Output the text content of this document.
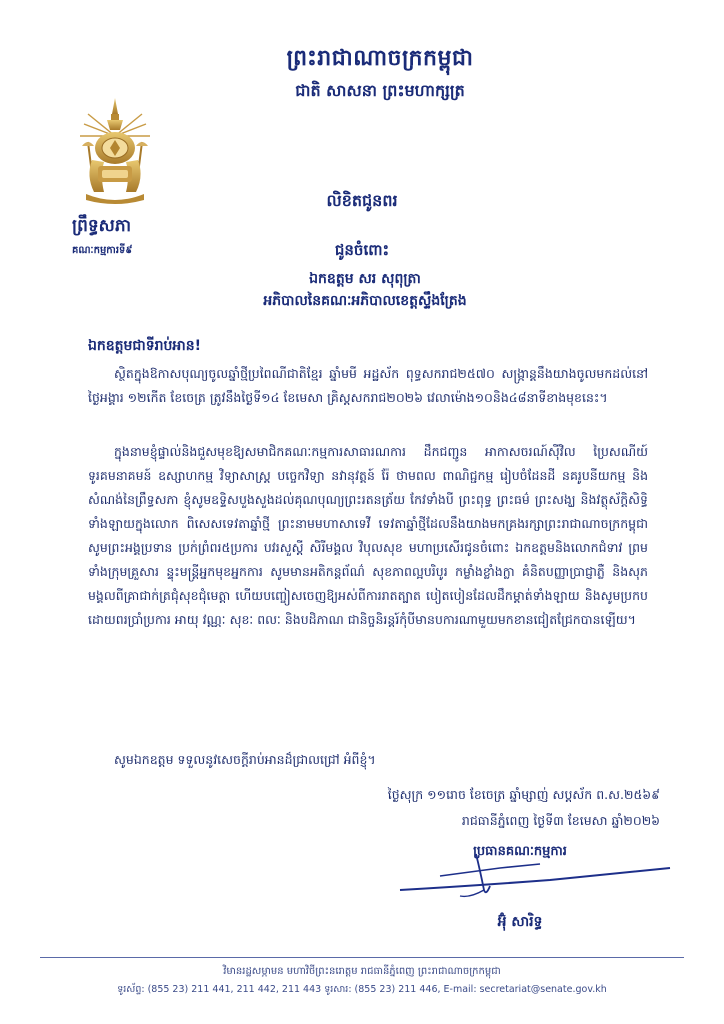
ព្រះរាជាណាចក្រកម្ពុជា
ជាតិ សាសនា ព្រះមហាក្សត្រ
ព្រឹទ្ធសភា
គណៈកម្មការទី៩
លិខិតជូនពរ
ជូនចំពោះ
ឯកឧត្តម សរ សុពុត្រា
អភិបាលនៃគណៈអភិបាលខេត្តស្ទឹងត្រែង
ឯកឧត្តមជាទីរាប់អាន!
ស្ថិតក្នុងឱកាសបុណ្យចូលឆ្នាំថ្មីប្រពៃណីជាតិខ្មែរ ឆ្នាំមមី អដ្ឋស័ក ពុទ្ធសករាជ២៥៧០ សង្ក្រាន្តនឹងយាងចូលមកដល់នៅថ្ងៃអង្គារ ១២កើត ខែចេត្រ ត្រូវនឹងថ្ងៃទី១៤ ខែមេសា គ្រិស្តសករាជ២០២៦ វេលាម៉ោង១០និង៤៨នាទីខាងមុខនេះ។
ក្នុងនាមខ្ញុំផ្ទាល់និងជួសមុខឱ្យសមាជិកគណៈកម្មការសាធារណការ ដឹកជញ្ជូន អាកាសចរណ៍ស៊ីវិល ប្រៃសណីយ៍ ទូរគមនាគមន៍ ឧស្សាហកម្ម វិទ្យាសាស្ត្រ បច្ចេកវិទ្យា នវានុវត្តន៍ រ៉ែ ថាមពល ពាណិជ្ជកម្ម រៀបចំដែនដី នគរូបនីយកម្ម និងសំណង់នៃព្រឹទ្ធសភា ខ្ញុំសូមឧទ្ទិសបួងសួងដល់គុណបុណ្យព្រះរតនត្រ័យ កែវទាំងបី ព្រះពុទ្ធ ព្រះធម៌ ព្រះសង្ឃ និងវត្ថុស័ក្តិសិទ្ធិទាំងឡាយក្នុងលោក ពិសេសទេវតាឆ្នាំថ្មី ព្រះនាមមហាសាទេវី ទេវតាឆ្នាំថ្មីដែលនឹងយាងមកគ្រងរក្សាព្រះរាជាណាចក្រកម្ពុជា សូមព្រះអង្គប្រទាន ប្រក់ព្រំពរ៥ប្រការ បវរសួស្តី សិរីមង្គល វិបុលសុខ មហាប្រសើរជូនចំពោះ ឯកឧត្តមនិងលោកជំទាវ ព្រមទាំងក្រុមគ្រួសារ ន្ទុះមន្ត្រីអ្នកមុខអ្នកការ សូមមានអតិកន្តព័ណ៌ សុខភាពល្អបរិបូរ កម្លាំងខ្លាំងក្លា គំនិតបញ្ញាប្រាជ្ញាភ្លឺ និងសុភមង្គលពីគ្រាជាក់ត្រជុំសុខជុំមេត្តា ហើយបញ្ចៀសចេញឱ្យអស់ពីការរាតត្បាត បៀតបៀនដែលដឹកម្ដាត់ទាំងឡាយ និងសូមប្រកបដោយពរប្រាំប្រការ អាយុ វណ្ណៈ សុខៈ ពលៈ និងបដិភាណ ជានិច្ចនិរន្តរ៍កុំបីមានបការណាមួយមកខានជៀតជ្រែកបានឡើយ។
សូមឯកឧត្តម ទទួលនូវសេចក្តីរាប់អានដ៏ជ្រាលជ្រៅ អំពីខ្ញុំ។
ថ្ងៃសុក្រ ១១រោច ខែចេត្រ ឆ្នាំម្សាញ់ សប្តស័ក ព.ស.២៥៦៩
រាជធានីភ្នំពេញ ថ្ងៃទី៣ ខែមេសា ឆ្នាំ២០២៦
ប្រធានគណៈកម្មការ
អ៊ុំ សារិទ្ធ
វិមានរដ្ឋសម្ភាមន មហាវិថីព្រះនរោត្តម រាជធានីភ្នំពេញ ព្រះរាជាណាចក្រកម្ពុជា
ទូរស័ព្ទ: (855 23) 211 441, 211 442, 211 443 ទូរសារ: (855 23) 211 446, E-mail: secretariat@senate.gov.kh
